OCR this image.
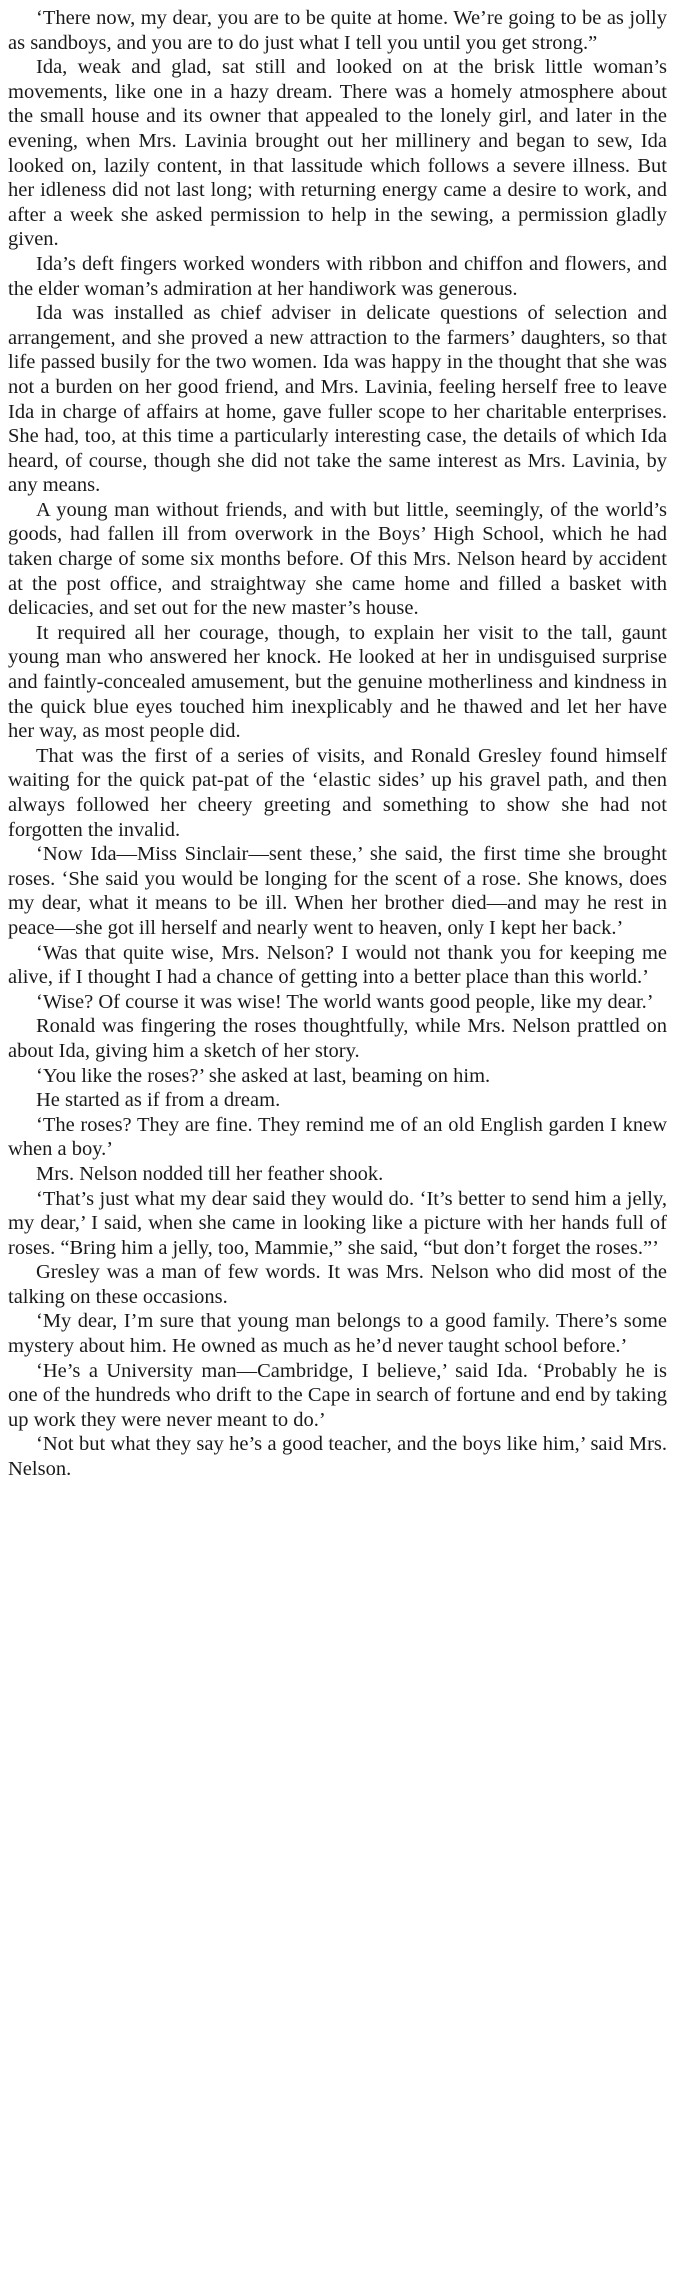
‘There now, my dear, you are to be quite at home. We’re going to be as jolly as sandboys, and you are to do just what I tell you until you get strong.”

Ida, weak and glad, sat still and looked on at the brisk little woman’s movements, like one in a hazy dream. There was a homely atmosphere about the small house and its owner that appealed to the lonely girl, and later in the evening, when Mrs. Lavinia brought out her millinery and began to sew, Ida looked on, lazily content, in that lassitude which follows a severe illness. But her idleness did not last long; with returning energy came a desire to work, and after a week she asked permission to help in the sewing, a permission gladly given.

Ida’s deft fingers worked wonders with ribbon and chiffon and flowers, and the elder woman’s admiration at her handiwork was generous.

Ida was installed as chief adviser in delicate questions of selection and arrangement, and she proved a new attraction to the farmers’ daughters, so that life passed busily for the two women. Ida was happy in the thought that she was not a burden on her good friend, and Mrs. Lavinia, feeling herself free to leave Ida in charge of affairs at home, gave fuller scope to her charitable enterprises. She had, too, at this time a particularly interesting case, the details of which Ida heard, of course, though she did not take the same interest as Mrs. Lavinia, by any means.

A young man without friends, and with but little, seemingly, of the world’s goods, had fallen ill from overwork in the Boys’ High School, which he had taken charge of some six months before. Of this Mrs. Nelson heard by accident at the post office, and straightway she came home and filled a basket with delicacies, and set out for the new master’s house.

It required all her courage, though, to explain her visit to the tall, gaunt young man who answered her knock. He looked at her in undisguised surprise and faintly-concealed amusement, but the genuine motherliness and kindness in the quick blue eyes touched him inexplicably and he thawed and let her have her way, as most people did.

That was the first of a series of visits, and Ronald Gresley found himself waiting for the quick pat-pat of the ‘elastic sides’ up his gravel path, and then always followed her cheery greeting and something to show she had not forgotten the invalid.

‘Now Ida—Miss Sinclair—sent these,’ she said, the first time she brought roses. ‘She said you would be longing for the scent of a rose. She knows, does my dear, what it means to be ill. When her brother died—and may he rest in peace—she got ill herself and nearly went to heaven, only I kept her back.’

‘Was that quite wise, Mrs. Nelson? I would not thank you for keeping me alive, if I thought I had a chance of getting into a better place than this world.’

‘Wise? Of course it was wise! The world wants good people, like my dear.’

Ronald was fingering the roses thoughtfully, while Mrs. Nelson prattled on about Ida, giving him a sketch of her story.

‘You like the roses?’ she asked at last, beaming on him.

He started as if from a dream.

‘The roses? They are fine. They remind me of an old English garden I knew when a boy.’

Mrs. Nelson nodded till her feather shook.

‘That’s just what my dear said they would do. ‘It’s better to send him a jelly, my dear,’ I said, when she came in looking like a picture with her hands full of roses. “Bring him a jelly, too, Mammie,” she said, “but don’t forget the roses.”’

Gresley was a man of few words. It was Mrs. Nelson who did most of the talking on these occasions.

‘My dear, I’m sure that young man belongs to a good family. There’s some mystery about him. He owned as much as he’d never taught school before.’

‘He’s a University man—Cambridge, I believe,’ said Ida. ‘Probably he is one of the hundreds who drift to the Cape in search of fortune and end by taking up work they were never meant to do.’

‘Not but what they say he’s a good teacher, and the boys like him,’ said Mrs. Nelson.
